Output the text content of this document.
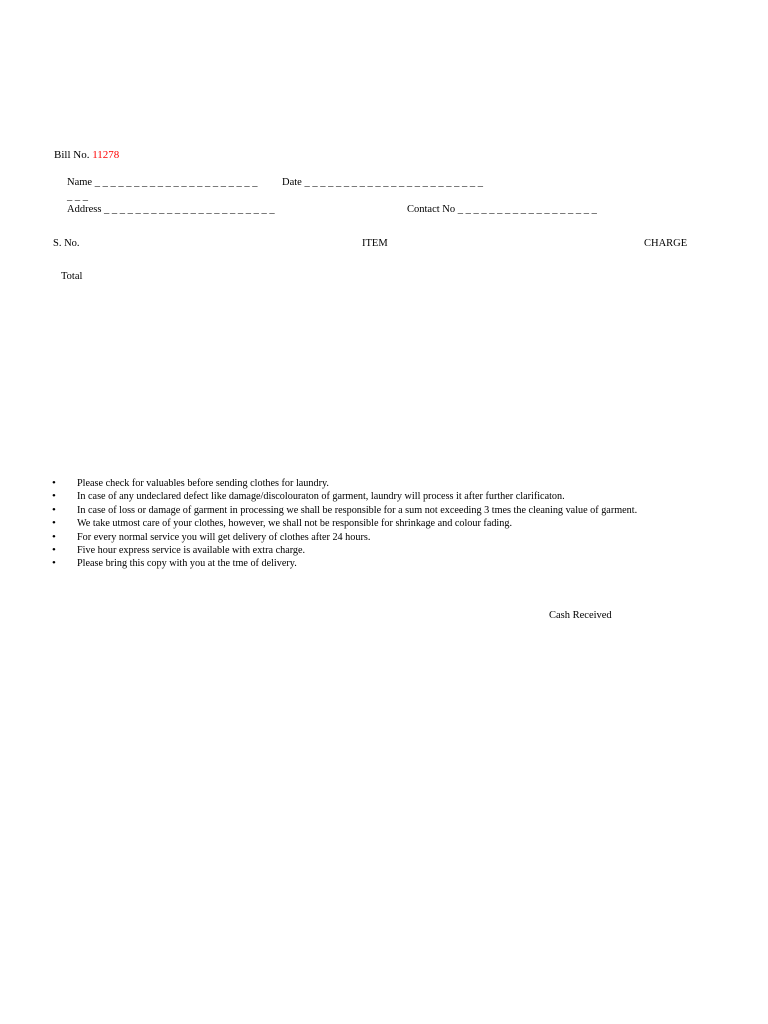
Bill No. 11278
Name _ _ _ _ _ _ _ _ _ _ _ _ _ _ _ _ _ _ _ _ _ Date _ _ _ _ _ _ _ _ _ _ _ _ _ _ _ _ _ _ _ _ _ _ _
_ _ _
Address _ _ _ _ _ _ _ _ _ _ _ _ _ _ _ _ _ _ _ _ _ _	Contact No _ _ _ _ _ _ _ _ _ _ _ _ _ _ _ _ _ _
S. No.	ITEM	CHARGE
Total
• Please check for valuables before sending clothes for laundry.
• In case of any undeclared defect like damage/discolouraton of garment, laundry will process it after further clarificaton.
• In case of loss or damage of garment in processing we shall be responsible for a sum not exceeding 3 tmes the cleaning value of garment.
• We take utmost care of your clothes, however, we shall not be responsible for shrinkage and colour fading.
• For every normal service you will get delivery of clothes after 24 hours.
• Five hour express service is available with extra charge.
• Please bring this copy with you at the tme of delivery.
Cash Received
